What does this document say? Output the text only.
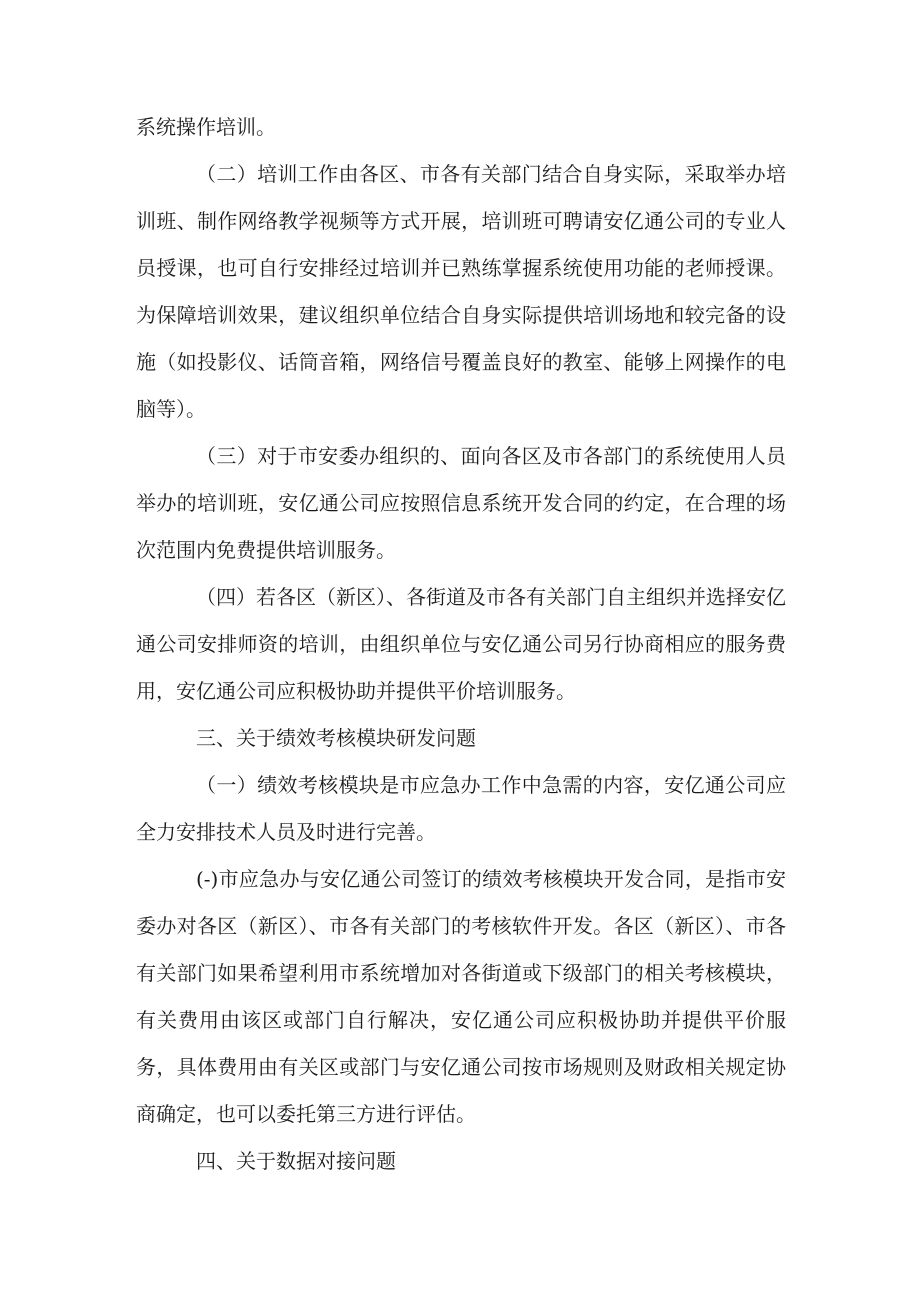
系统操作培训。

（二）培训工作由各区、市各有关部门结合自身实际，采取举办培训班、制作网络教学视频等方式开展，培训班可聘请安亿通公司的专业人员授课，也可自行安排经过培训并已熟练掌握系统使用功能的老师授课。为保障培训效果，建议组织单位结合自身实际提供培训场地和较完备的设施（如投影仪、话筒音箱，网络信号覆盖良好的教室、能够上网操作的电脑等）。

（三）对于市安委办组织的、面向各区及市各部门的系统使用人员举办的培训班，安亿通公司应按照信息系统开发合同的约定，在合理的场次范围内免费提供培训服务。

（四）若各区（新区）、各街道及市各有关部门自主组织并选择安亿通公司安排师资的培训，由组织单位与安亿通公司另行协商相应的服务费用，安亿通公司应积极协助并提供平价培训服务。

三、关于绩效考核模块研发问题

（一）绩效考核模块是市应急办工作中急需的内容，安亿通公司应全力安排技术人员及时进行完善。

(-)市应急办与安亿通公司签订的绩效考核模块开发合同，是指市安委办对各区（新区）、市各有关部门的考核软件开发。各区（新区）、市各有关部门如果希望利用市系统增加对各街道或下级部门的相关考核模块，有关费用由该区或部门自行解决，安亿通公司应积极协助并提供平价服务，具体费用由有关区或部门与安亿通公司按市场规则及财政相关规定协商确定，也可以委托第三方进行评估。

四、关于数据对接问题
